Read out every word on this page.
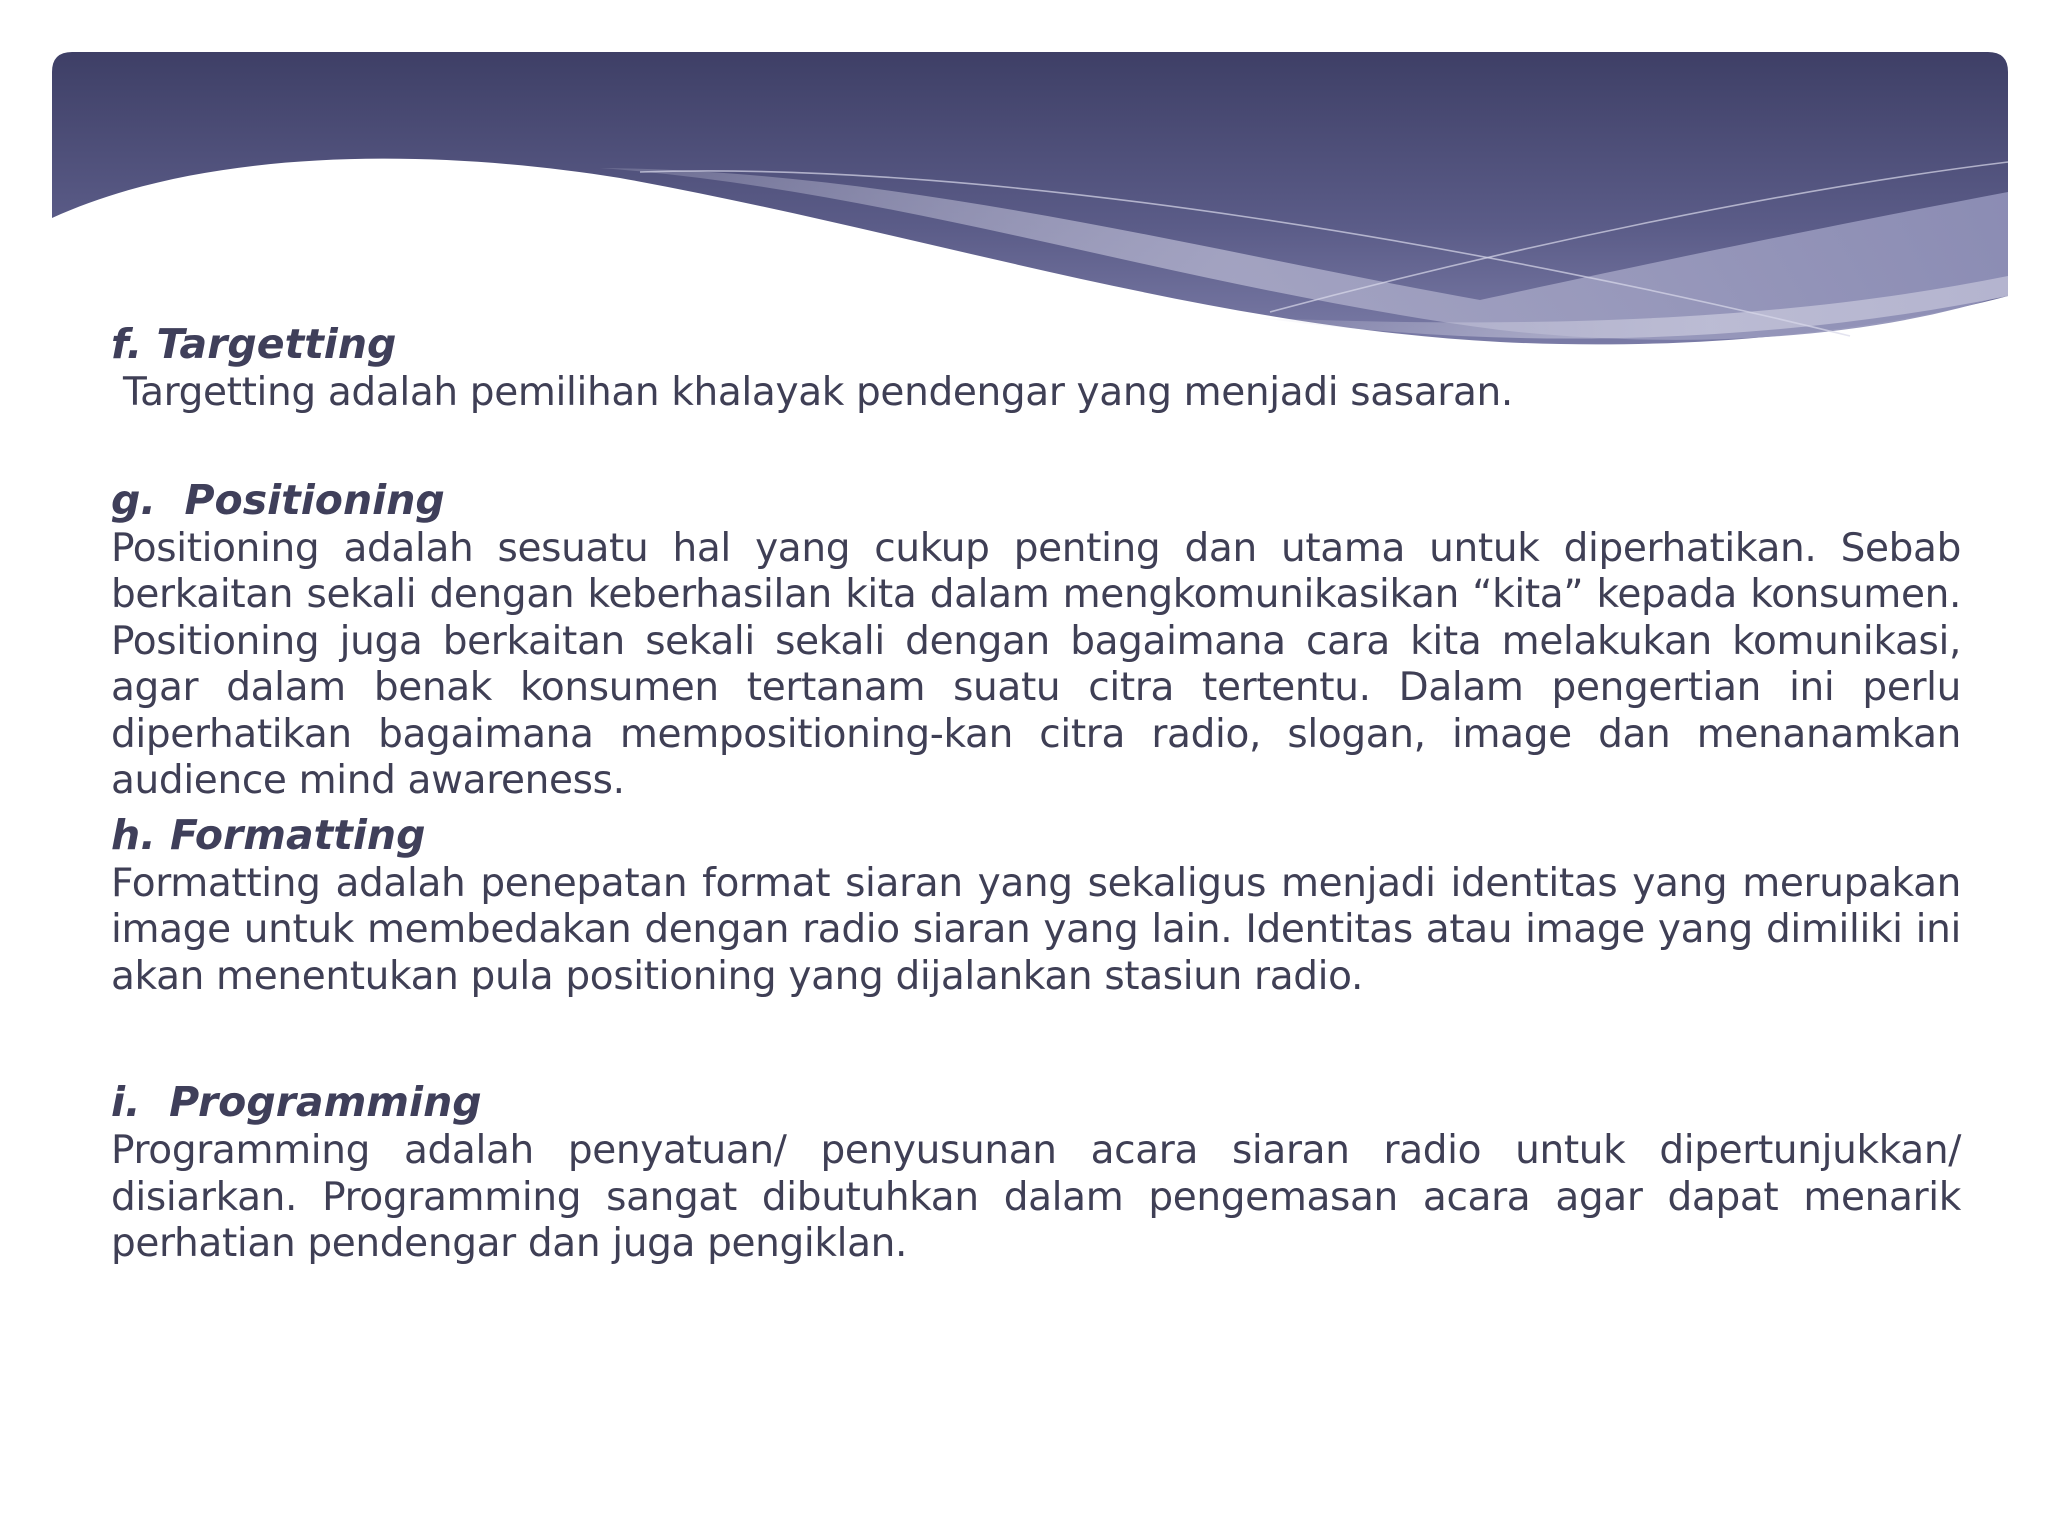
f. Targetting
Targetting adalah pemilihan khalayak pendengar yang menjadi sasaran.
g.  Positioning
Positioning adalah sesuatu hal yang cukup penting dan utama untuk diperhatikan. Sebab berkaitan sekali dengan keberhasilan kita dalam mengkomunikasikan “kita” kepada konsumen. Positioning juga berkaitan sekali sekali dengan bagaimana cara kita melakukan komunikasi, agar dalam benak konsumen tertanam suatu citra tertentu. Dalam pengertian ini perlu diperhatikan bagaimana mempositioning-kan citra radio, slogan, image dan menanamkan audience mind awareness.
h. Formatting
Formatting adalah penepatan format siaran yang sekaligus menjadi identitas yang merupakan image untuk membedakan dengan radio siaran yang lain. Identitas atau image yang dimiliki ini akan menentukan pula positioning yang dijalankan stasiun radio.
i.  Programming
Programming adalah penyatuan/ penyusunan acara siaran radio untuk dipertunjukkan/ disiarkan. Programming sangat dibutuhkan dalam pengemasan acara agar dapat menarik perhatian pendengar dan juga pengiklan.
